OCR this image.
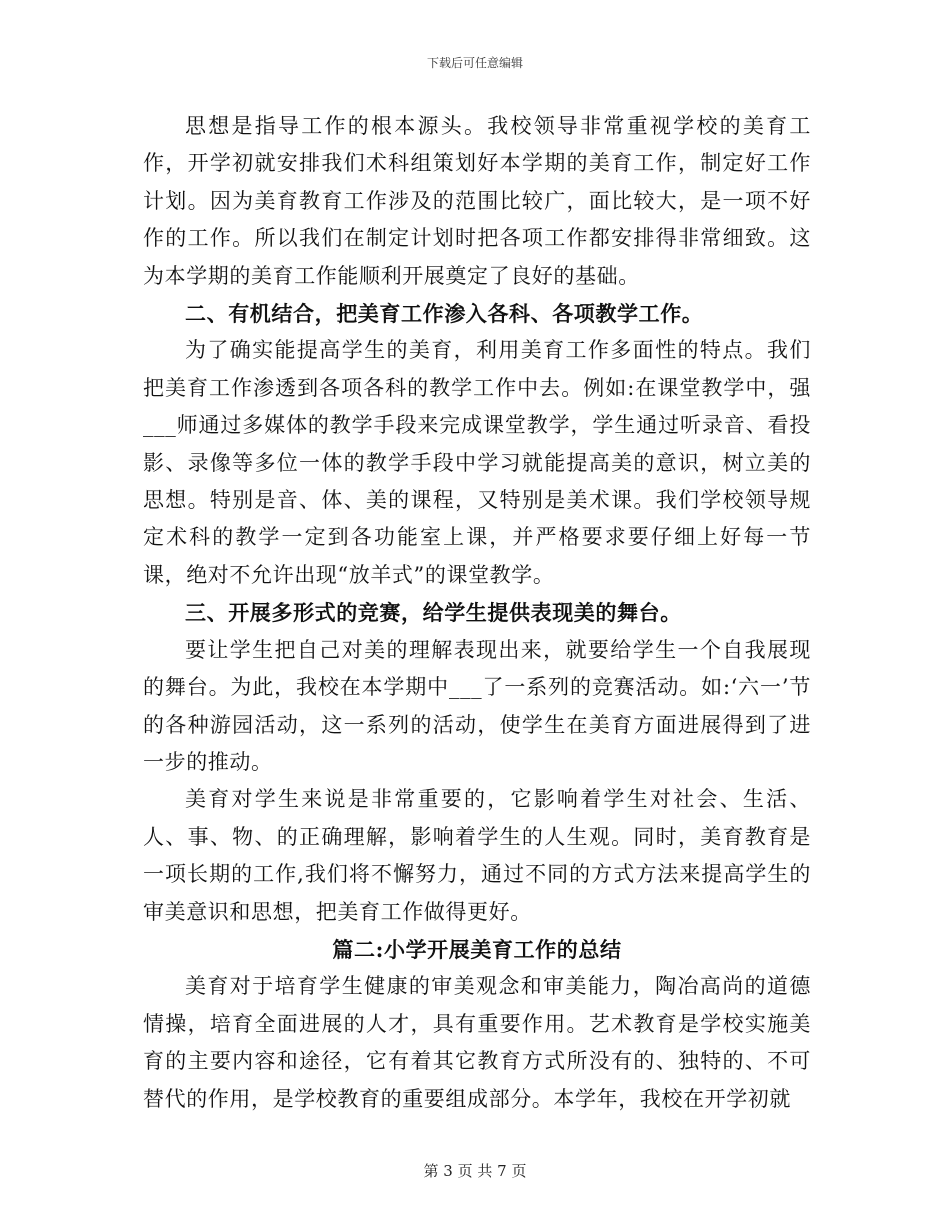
下载后可任意编辑

思想是指导工作的根本源头。我校领导非常重视学校的美育工作，开学初就安排我们术科组策划好本学期的美育工作，制定好工作计划。因为美育教育工作涉及的范围比较广，面比较大，是一项不好作的工作。所以我们在制定计划时把各项工作都安排得非常细致。这为本学期的美育工作能顺利开展奠定了良好的基础。

二、有机结合，把美育工作渗入各科、各项教学工作。

为了确实能提高学生的美育，利用美育工作多面性的特点。我们把美育工作渗透到各项各科的教学工作中去。例如:在课堂教学中，强___师通过多媒体的教学手段来完成课堂教学，学生通过听录音、看投影、录像等多位一体的教学手段中学习就能提高美的意识，树立美的思想。特别是音、体、美的课程，又特别是美术课。我们学校领导规定术科的教学一定到各功能室上课，并严格要求要仔细上好每一节课，绝对不允许出现“放羊式”的课堂教学。

三、开展多形式的竞赛，给学生提供表现美的舞台。

要让学生把自己对美的理解表现出来，就要给学生一个自我展现的舞台。为此，我校在本学期中___了一系列的竞赛活动。如:‘六一’节的各种游园活动，这一系列的活动，使学生在美育方面进展得到了进一步的推动。

美育对学生来说是非常重要的，它影响着学生对社会、生活、人、事、物、的正确理解，影响着学生的人生观。同时，美育教育是一项长期的工作,我们将不懈努力，通过不同的方式方法来提高学生的审美意识和思想，把美育工作做得更好。

篇二:小学开展美育工作的总结

美育对于培育学生健康的审美观念和审美能力，陶冶高尚的道德情操，培育全面进展的人才，具有重要作用。艺术教育是学校实施美育的主要内容和途径，它有着其它教育方式所没有的、独特的、不可替代的作用，是学校教育的重要组成部分。本学年，我校在开学初就

第 3 页 共 7 页
